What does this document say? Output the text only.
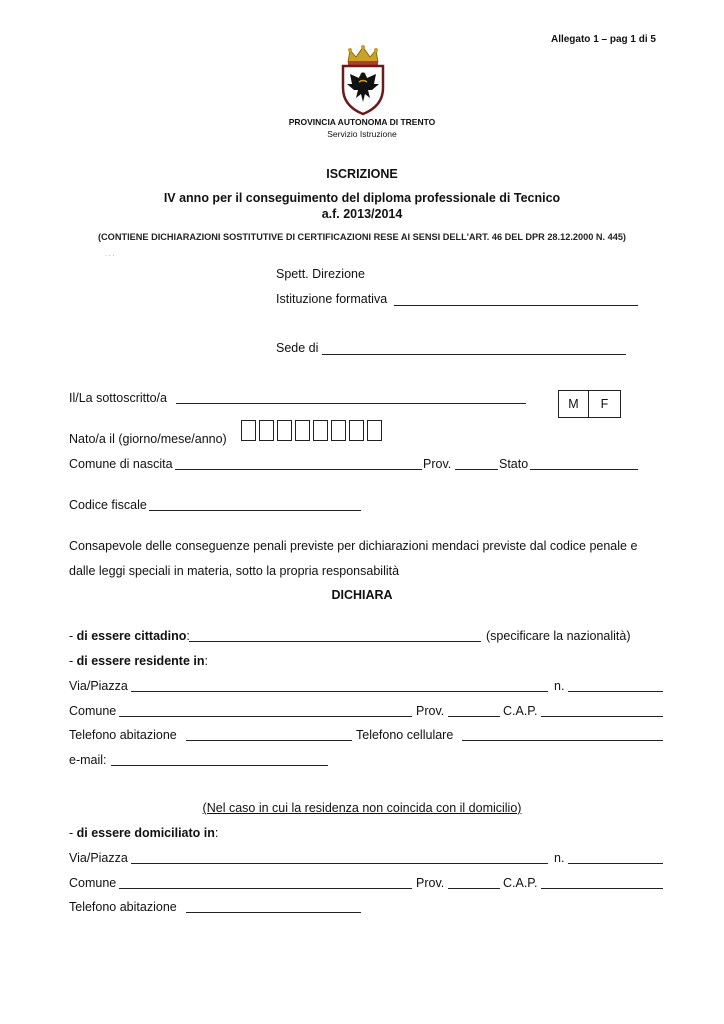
Allegato 1 – pag 1 di 5
PROVINCIA AUTONOMA DI TRENTO
Servizio Istruzione
ISCRIZIONE
IV anno per il conseguimento del diploma professionale di Tecnico
a.f. 2013/2014
(CONTIENE DICHIARAZIONI SOSTITUTIVE DI CERTIFICAZIONI RESE AI SENSI DELL'ART. 46 DEL DPR 28.12.2000 N. 445)
· · ·
Spett. Direzione
Istituzione formativa
Sede di
Il/La sottoscritto/a	M	F
Nato/a il (giorno/mese/anno)
Comune di nascita	Prov.	Stato
Codice fiscale
Consapevole delle conseguenze penali previste per dichiarazioni mendaci previste dal codice penale e
dalle leggi speciali in materia, sotto la propria responsabilità
DICHIARA
- di essere cittadino:	(specificare la nazionalità)
- di essere residente in:
Via/Piazza	n.
Comune	Prov.	C.A.P.
Telefono abitazione	Telefono cellulare
e-mail:
(Nel caso in cui la residenza non coincida con il domicilio)
- di essere domiciliato in:
Via/Piazza	n.
Comune	Prov.	C.A.P.
Telefono abitazione
